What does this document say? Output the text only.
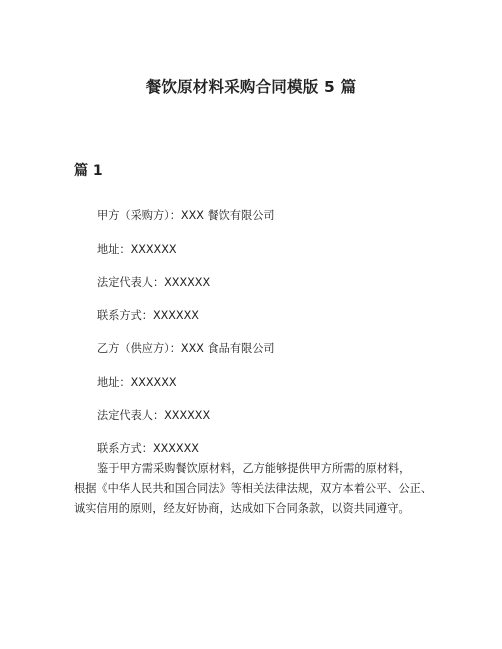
餐饮原材料采购合同模版 5 篇
篇 1
甲方（采购方）：XXX 餐饮有限公司
地址：XXXXXX
法定代表人：XXXXXX
联系方式：XXXXXX
乙方（供应方）：XXX 食品有限公司
地址：XXXXXX
法定代表人：XXXXXX
联系方式：XXXXXX
鉴于甲方需采购餐饮原材料，乙方能够提供甲方所需的原材料，
根据《中华人民共和国合同法》等相关法律法规，双方本着公平、公正、
诚实信用的原则，经友好协商，达成如下合同条款，以资共同遵守。
